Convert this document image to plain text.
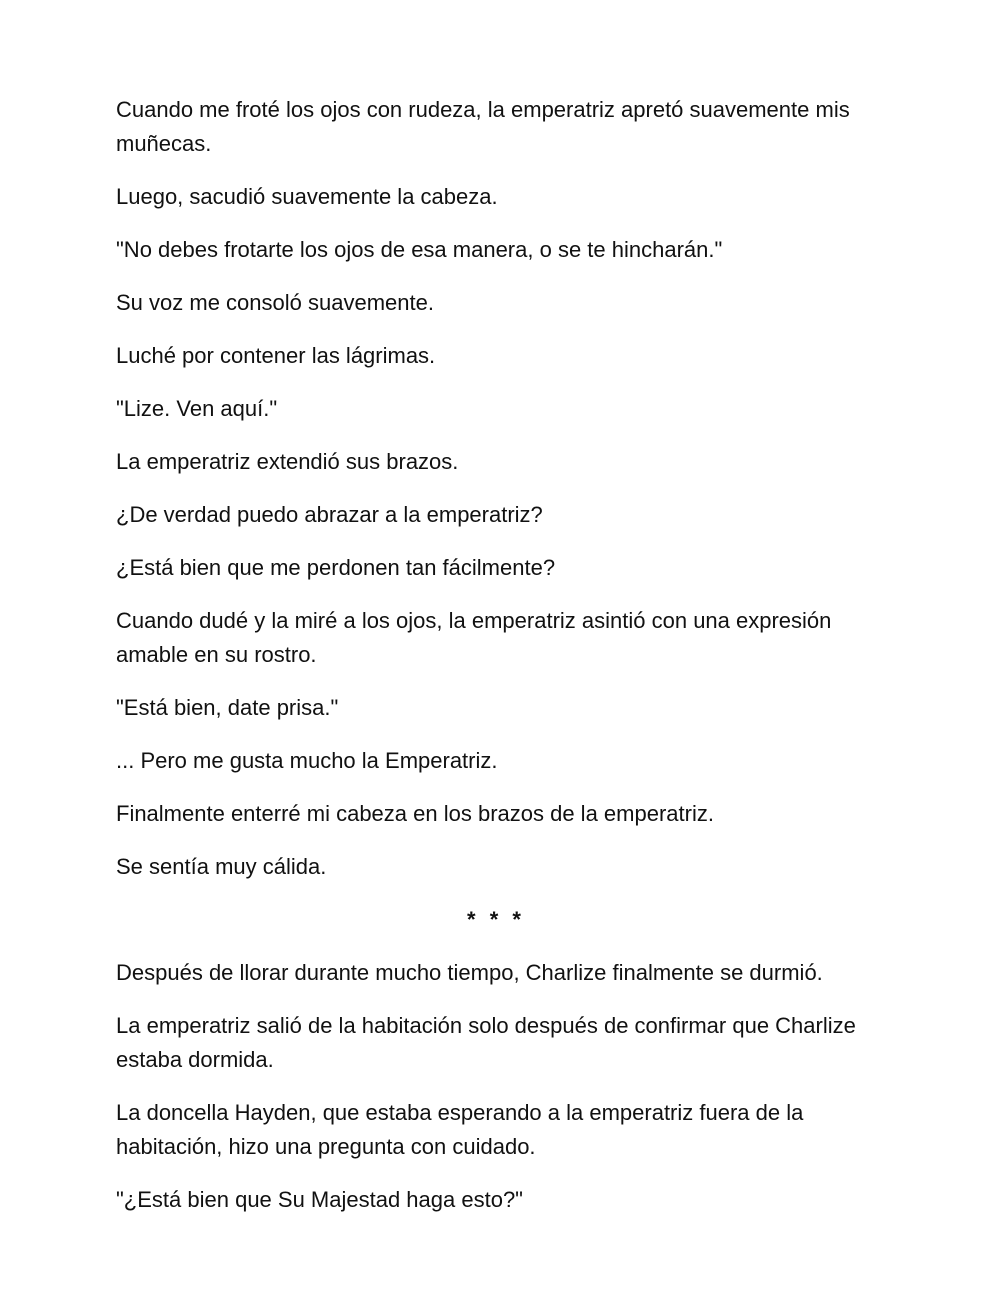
Cuando me froté los ojos con rudeza, la emperatriz apretó suavemente mis muñecas.

Luego, sacudió suavemente la cabeza.

"No debes frotarte los ojos de esa manera, o se te hincharán."

Su voz me consoló suavemente.

Luché por contener las lágrimas.

"Lize. Ven aquí."

La emperatriz extendió sus brazos.

¿De verdad puedo abrazar a la emperatriz?

¿Está bien que me perdonen tan fácilmente?

Cuando dudé y la miré a los ojos, la emperatriz asintió con una expresión amable en su rostro.

"Está bien, date prisa."

... Pero me gusta mucho la Emperatriz.

Finalmente enterré mi cabeza en los brazos de la emperatriz.

Se sentía muy cálida.

* * *

Después de llorar durante mucho tiempo, Charlize finalmente se durmió.

La emperatriz salió de la habitación solo después de confirmar que Charlize estaba dormida.

La doncella Hayden, que estaba esperando a la emperatriz fuera de la habitación, hizo una pregunta con cuidado.

"¿Está bien que Su Majestad haga esto?"
